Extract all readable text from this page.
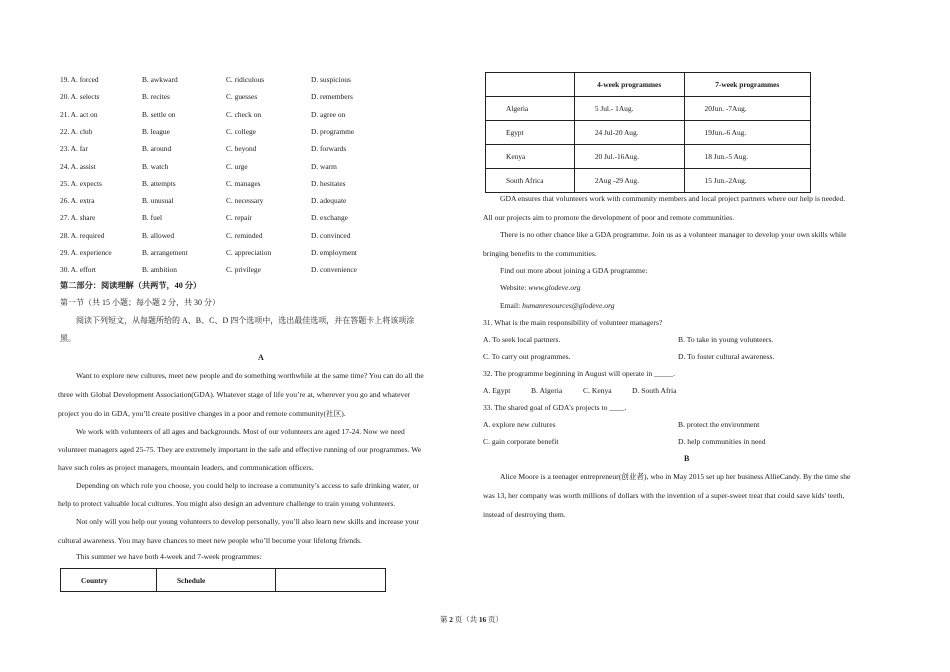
19. A. forced	B. awkward	C. ridiculous	D. suspicious
20. A. selects	B. recites	C. guesses	D. remembers
21. A. act on	B. settle on	C. check on	D. agree on
22. A. club	B. league	C. college	D. programme
23. A. far	B. around	C. beyond	D. forwards
24. A. assist	B. watch	C. urge	D. warm
25. A. expects	B. attempts	C. manages	D. hesitates
26. A. extra	B. unusual	C. necessary	D. adequate
27. A. share	B. fuel	C. repair	D. exchange
28. A. required	B. allowed	C. reminded	D. convinced
29. A. experience	B. arrangement	C. appreciation	D. employment
30. A. effort	B. ambition	C. privilege	D. convenience
第二部分：阅读理解（共两节，40 分）
第一节（共 15 小题；每小题 2 分，共 30 分）
阅读下列短文，从每题所给的 A、B、C、D 四个选项中，选出最佳选项，并在答题卡上将该项涂
黑。
A
Want to explore new cultures, meet new people and do something worthwhile at the same time? You can do all the
three with Global Development Association(GDA). Whatever stage of life you’re at, wherever you go and whatever
project you do in GDA, you’ll create positive changes in a poor and remote community(社区).
We work with volunteers of all ages and backgrounds. Most of our volunteers are aged 17-24. Now we need
volunteer managers aged 25-75. They are extremely important in the safe and effective running of our programmes. We
have such roles as project managers, mountain leaders, and communication officers.
Depending on which role you choose, you could help to increase a community’s access to safe drinking water, or
help to protect valuable local cultures. You might also design an adventure challenge to train young volunteers.
Not only will you help our young volunteers to develop personally, you’ll also learn new skills and increase your
cultural awareness. You may have chances to meet new people who’ll become your lifelong friends.
This summer we have both 4-week and 7-week programmes:
Country	Schedule	
	4-week programmes	7-week programmes
Algeria	5 Jul.- 1Aug.	20Jun. -7Aug.
Egypt	24 Jul-20 Aug.	19Jun.-6 Aug.
Kenya	20 Jul.-16Aug.	18 Jun.-5 Aug.
South Africa	2Aug -29 Aug.	15 Jun.-2Aug.
GDA ensures that volunteers work with community members and local project partners where our help is needed.
All our projects aim to promote the development of poor and remote communities.
There is no other chance like a GDA programme. Join us as a volunteer manager to develop your own skills while
bringing benefits to the communities.
Find out more about joining a GDA programme:
Website: www.glodeve.org
Email: humanresources@glodeve.org
31. What is the main responsibility of volunteer managers?
A. To seek local partners.	B. To take in young volunteers.
C. To carry out programmes.	D. To foster cultural awareness.
32. The programme beginning in August will operate in _____.
A. Egypt	B. Algeria	C. Kenya	D. South Afria
33. The shared goal of GDA's projects to ____.
A. explore new cultures	B. protect the environment
C. gain corporate benefit	D. help communities in need
B
Alice Moore is a teenager entrepreneur(创业者), who in May 2015 set up her business AllieCandy. By the time she
was 13, her company was worth millions of dollars with the invention of a super-sweet treat that could save kids' teeth,
instead of destroying them.
第 2 页（共 16 页）
